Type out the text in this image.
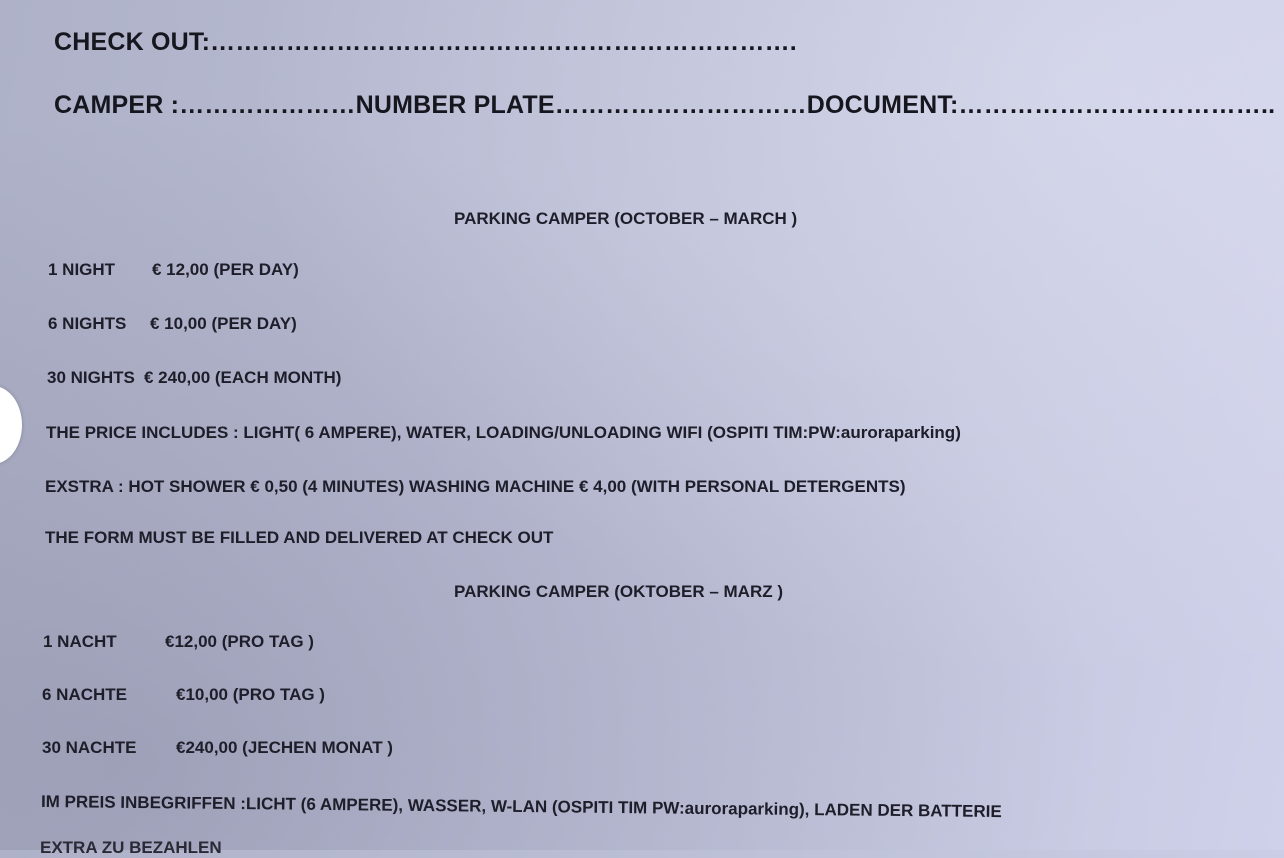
CHECK OUT:…………………………………………………………….
CAMPER :…………………NUMBER PLATE…………………………DOCUMENT:………………………………..
PARKING CAMPER (OCTOBER – MARCH )
1 NIGHT € 12,00 (PER DAY)
6 NIGHTS € 10,00 (PER DAY)
30 NIGHTS € 240,00 (EACH MONTH)
THE PRICE INCLUDES : LIGHT( 6 AMPERE), WATER, LOADING/UNLOADING WIFI (OSPITI TIM:PW:auroraparking)
EXSTRA : HOT SHOWER € 0,50 (4 MINUTES) WASHING MACHINE € 4,00 (WITH PERSONAL DETERGENTS)
THE FORM MUST BE FILLED AND DELIVERED AT CHECK OUT
PARKING CAMPER (OKTOBER – MARZ )
1 NACHT	€12,00 (PRO TAG )
6 NACHTE	€10,00 (PRO TAG )
30 NACHTE €240,00 (JECHEN MONAT )
IM PREIS INBEGRIFFEN :LICHT (6 AMPERE), WASSER, W-LAN (OSPITI TIM PW:auroraparking), LADEN DER BATTERIE
EXTRA ZU BEZAHLEN
